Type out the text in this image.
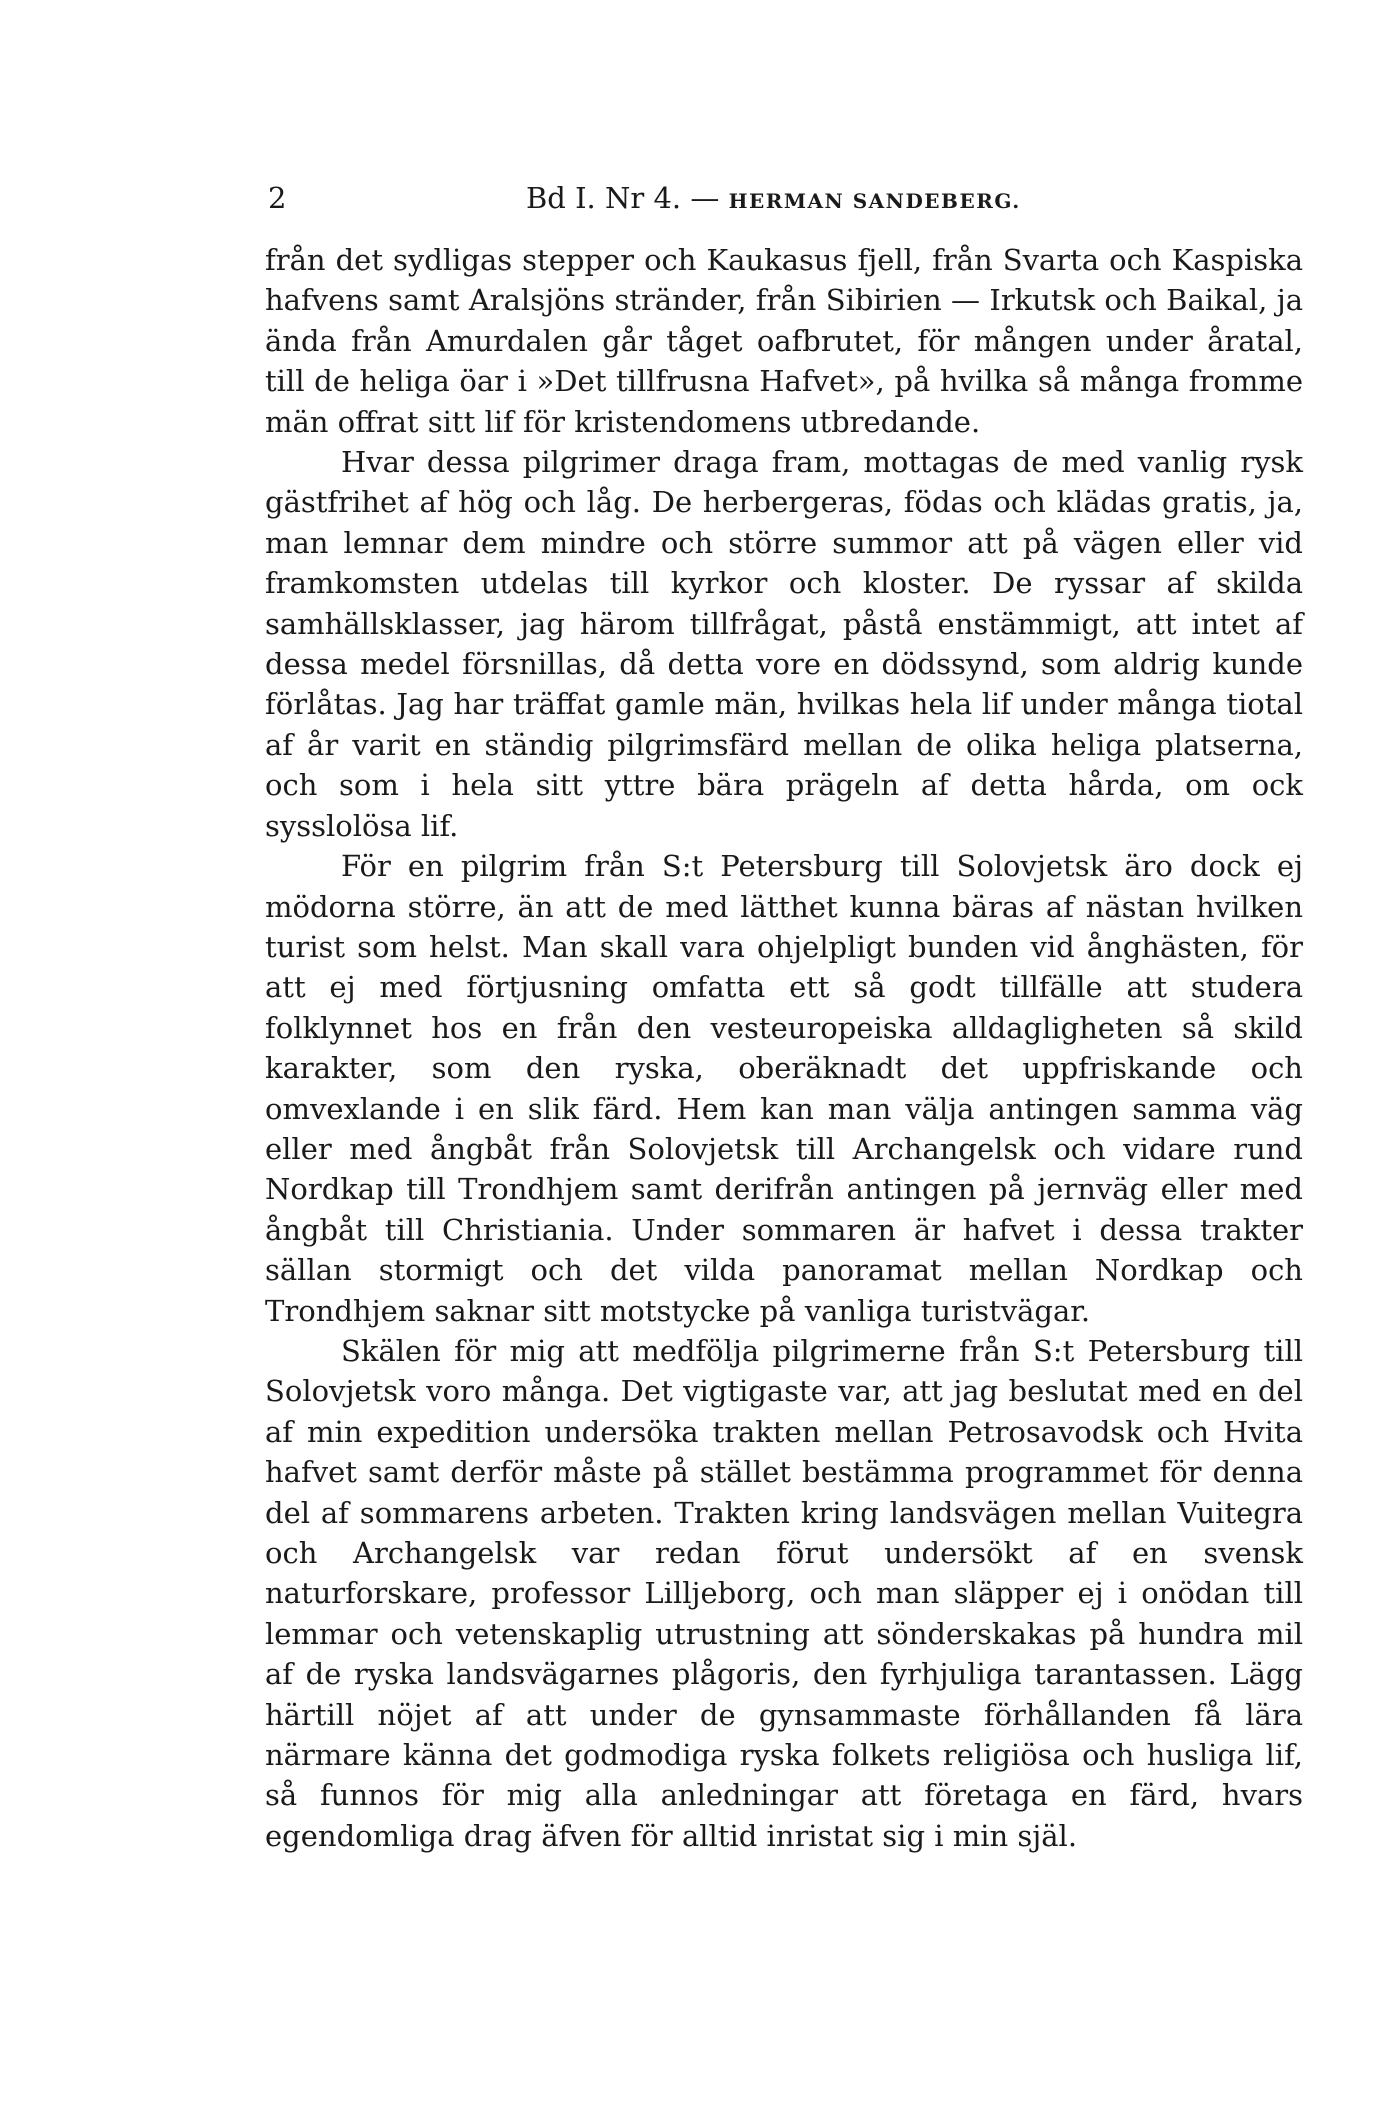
2	Bd I. Nr 4. — HERMAN SANDEBERG.

från det sydligas stepper och Kaukasus fjell, från Svarta och Kaspiska hafvens samt Aralsjöns stränder, från Sibirien — Irkutsk och Baikal, ja ända från Amurdalen går tåget oafbrutet, för mången under åratal, till de heliga öar i »Det tillfrusna Hafvet», på hvilka så många fromme män offrat sitt lif för kristendomens utbredande.

Hvar dessa pilgrimer draga fram, mottagas de med vanlig rysk gästfrihet af hög och låg. De herbergeras, födas och klädas gratis, ja, man lemnar dem mindre och större summor att på vägen eller vid framkomsten utdelas till kyrkor och kloster. De ryssar af skilda samhällsklasser, jag härom tillfrågat, påstå enstämmigt, att intet af dessa medel försnillas, då detta vore en dödssynd, som aldrig kunde förlåtas. Jag har träffat gamle män, hvilkas hela lif under många tiotal af år varit en ständig pilgrimsfärd mellan de olika heliga platserna, och som i hela sitt yttre bära prägeln af detta hårda, om ock sysslolösa lif.

För en pilgrim från S:t Petersburg till Solovjetsk äro dock ej mödorna större, än att de med lätthet kunna bäras af nästan hvilken turist som helst. Man skall vara ohjelpligt bunden vid ånghästen, för att ej med förtjusning omfatta ett så godt tillfälle att studera folklynnet hos en från den vesteuropeiska alldagligheten så skild karakter, som den ryska, oberäknadt det uppfriskande och omvexlande i en slik färd. Hem kan man välja antingen samma väg eller med ångbåt från Solovjetsk till Archangelsk och vidare rund Nordkap till Trondhjem samt derifrån antingen på jernväg eller med ångbåt till Christiania. Under sommaren är hafvet i dessa trakter sällan stormigt och det vilda panoramat mellan Nordkap och Trondhjem saknar sitt motstycke på vanliga turistvägar.

Skälen för mig att medfölja pilgrimerne från S:t Petersburg till Solovjetsk voro många. Det vigtigaste var, att jag beslutat med en del af min expedition undersöka trakten mellan Petrosavodsk och Hvita hafvet samt derför måste på stället bestämma programmet för denna del af sommarens arbeten. Trakten kring landsvägen mellan Vuitegra och Archangelsk var redan förut undersökt af en svensk naturforskare, professor Lilljeborg, och man släpper ej i onödan till lemmar och vetenskaplig utrustning att sönderskakas på hundra mil af de ryska landsvägarnes plågoris, den fyrhjuliga tarantassen. Lägg härtill nöjet af att under de gynsammaste förhållanden få lära närmare känna det godmodiga ryska folkets religiösa och husliga lif, så funnos för mig alla anledningar att företaga en färd, hvars egendomliga drag äfven för alltid inristat sig i min själ.
